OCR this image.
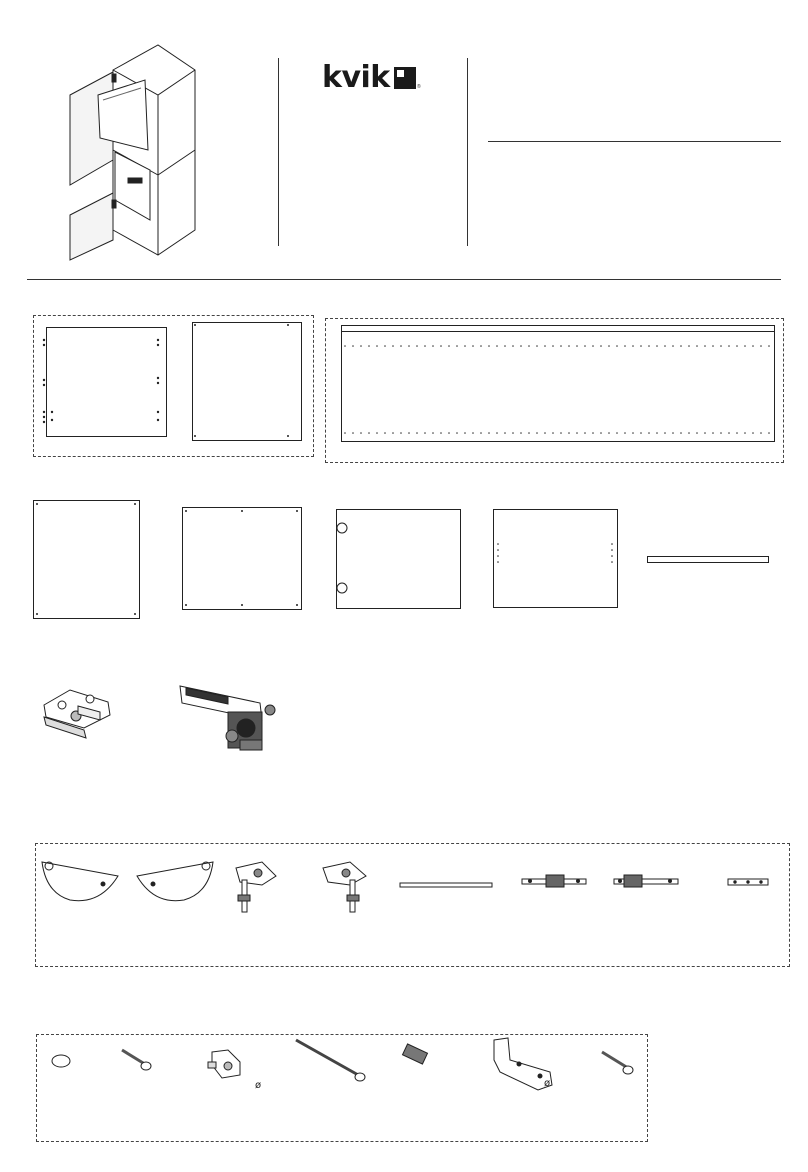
kvik	®
ø	ø
